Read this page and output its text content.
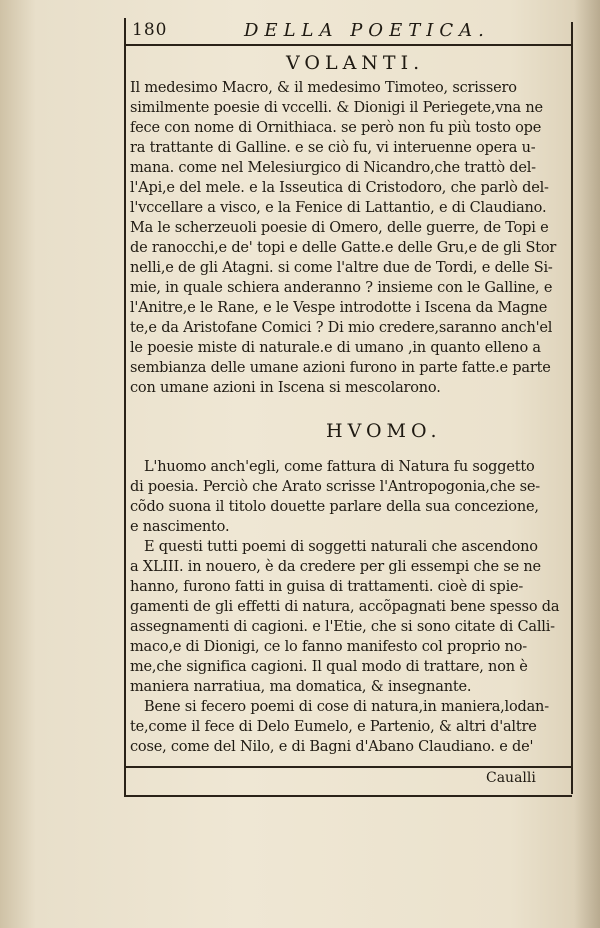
180	DELLA POETICA.
VOLANTI.
Il medesimo Macro, & il medesimo Timoteo, scrissero
similmente poesie di vccelli. & Dionigi il Periegete,vna ne
fece con nome di Ornithiaca. se però non fu più tosto ope
ra trattante di Galline. e se ciò fu, vi interuenne opera u-
mana. come nel Melesiurgico di Nicandro,che trattò del-
l'Api,e del mele. e la Isseutica di Cristodoro, che parlò del-
l'vccellare a visco, e la Fenice di Lattantio, e di Claudiano.
Ma le scherzeuoli poesie di Omero, delle guerre, de Topi e
de ranocchi,e de' topi e delle Gatte.e delle Gru,e de gli Stor
nelli,e de gli Atagni. si come l'altre due de Tordi, e delle Si-
mie, in quale schiera anderanno ? insieme con le Galline, e
l'Anitre,e le Rane, e le Vespe introdotte i Iscena da Magne
te,e da Aristofane Comici ? Di mio credere,saranno anch'el
le poesie miste di naturale.e di umano ,in quanto elleno a
sembianza delle umane azioni furono in parte fatte.e parte
con umane azioni in Iscena si mescolarono.
HVOMO.
L'huomo anch'egli, come fattura di Natura fu soggetto
di poesia. Perciò che Arato scrisse l'Antropogonia,che se-
cõdo suona il titolo douette parlare della sua concezione,
e nascimento.
E questi tutti poemi di soggetti naturali che ascendono
a XLIII. in nouero, è da credere per gli essempi che se ne
hanno, furono fatti in guisa di trattamenti. cioè di spie-
gamenti de gli effetti di natura, accõpagnati bene spesso da
assegnamenti di cagioni. e l'Etie, che si sono citate di Calli-
maco,e di Dionigi, ce lo fanno manifesto col proprio no-
me,che significa cagioni. Il qual modo di trattare, non è
maniera narratiua, ma domatica, & insegnante.
Bene si fecero poemi di cose di natura,in maniera,lodan-
te,come il fece di Delo Eumelo, e Partenio, & altri d'altre
cose, come del Nilo, e di Bagni d'Abano Claudiano. e de'
Caualli
